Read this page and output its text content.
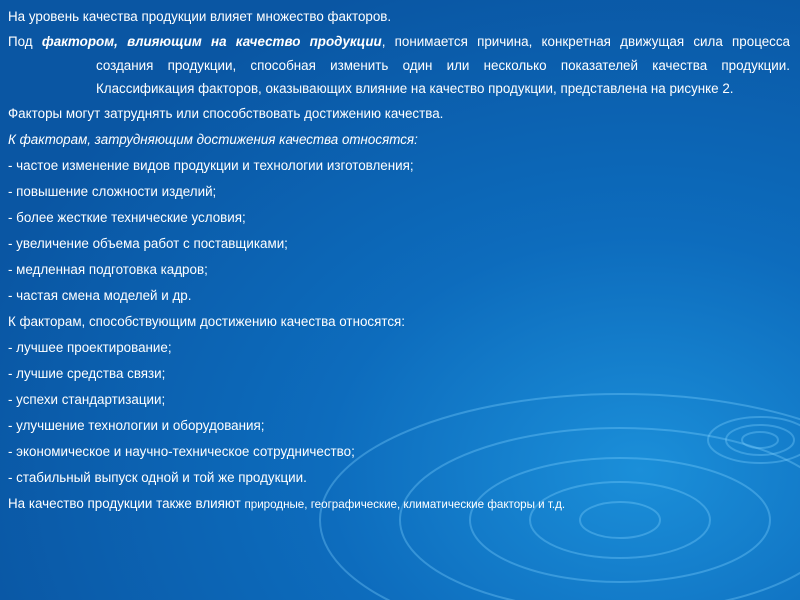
На уровень качества продукции влияет множество факторов.

Под фактором, влияющим на качество продукции, понимается причина, конкретная движущая сила процесса создания продукции, способная изменить один или несколько показателей качества продукции. Классификация факторов, оказывающих влияние на качество продукции, представлена на рисунке 2.

Факторы могут затруднять или способствовать достижению качества.

К факторам, затрудняющим достижения качества относятся:

- частое изменение видов продукции и технологии изготовления;

- повышение сложности изделий;

- более жесткие технические условия;

- увеличение объема работ с поставщиками;

- медленная подготовка кадров;

- частая смена моделей и др.

К факторам, способствующим достижению качества относятся:

- лучшее проектирование;

- лучшие средства связи;

- успехи стандартизации;

- улучшение технологии и оборудования;

- экономическое и научно-техническое сотрудничество;

- стабильный выпуск одной и той же продукции.

На качество продукции также влияют природные, географические, климатические факторы и т.д.
